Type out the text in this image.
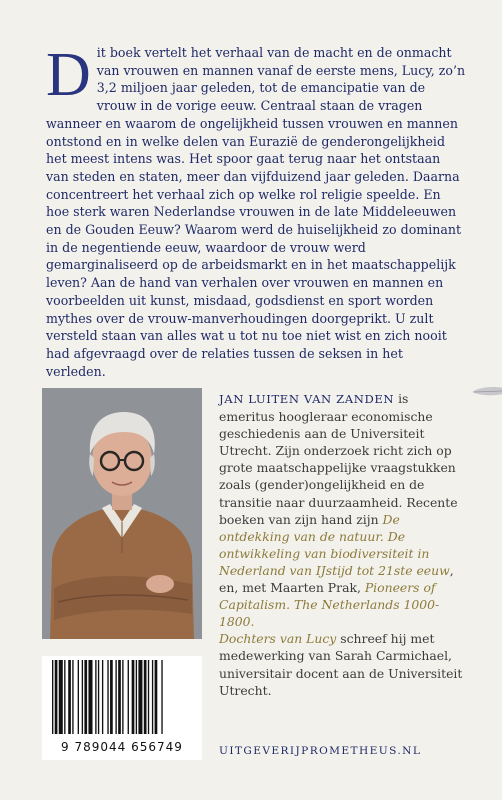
Dit boek vertelt het verhaal van de macht en de onmacht van vrouwen en mannen vanaf de eerste mens, Lucy, zo’n 3,2 miljoen jaar geleden, tot de emancipatie van de vrouw in de vorige eeuw. Centraal staan de vragen wanneer en waarom de ongelijkheid tussen vrouwen en mannen ontstond en in welke delen van Eurazië de genderongelijkheid het meest intens was. Het spoor gaat terug naar het ontstaan van steden en staten, meer dan vijfduizend jaar geleden. Daarna concentreert het verhaal zich op welke rol religie speelde. En hoe sterk waren Nederlandse vrouwen in de late Middeleeuwen en de Gouden Eeuw? Waarom werd de huiselijkheid zo dominant in de negentiende eeuw, waardoor de vrouw werd gemarginaliseerd op de arbeidsmarkt en in het maatschappelijk leven? Aan de hand van verhalen over vrouwen en mannen en voorbeelden uit kunst, misdaad, godsdienst en sport worden mythes over de vrouw-manverhoudingen doorgeprikt. U zult versteld staan van alles wat u tot nu toe niet wist en zich nooit had afgevraagd over de relaties tussen de seksen in het verleden.

JAN LUITEN VAN ZANDEN is emeritus hoogleraar economische geschiedenis aan de Universiteit Utrecht. Zijn onderzoek richt zich op grote maatschappelijke vraagstukken zoals (gender)ongelijkheid en de transitie naar duurzaamheid. Recente boeken van zijn hand zijn De ontdekking van de natuur. De ontwikkeling van biodiversiteit in Nederland van IJstijd tot 21ste eeuw, en, met Maarten Prak, Pioneers of Capitalism. The Netherlands 1000-1800.
Dochters van Lucy schreef hij met medewerking van Sarah Carmichael, universitair docent aan de Universiteit Utrecht.

9 789044 656749	UITGEVERIJPROMETHEUS.NL
